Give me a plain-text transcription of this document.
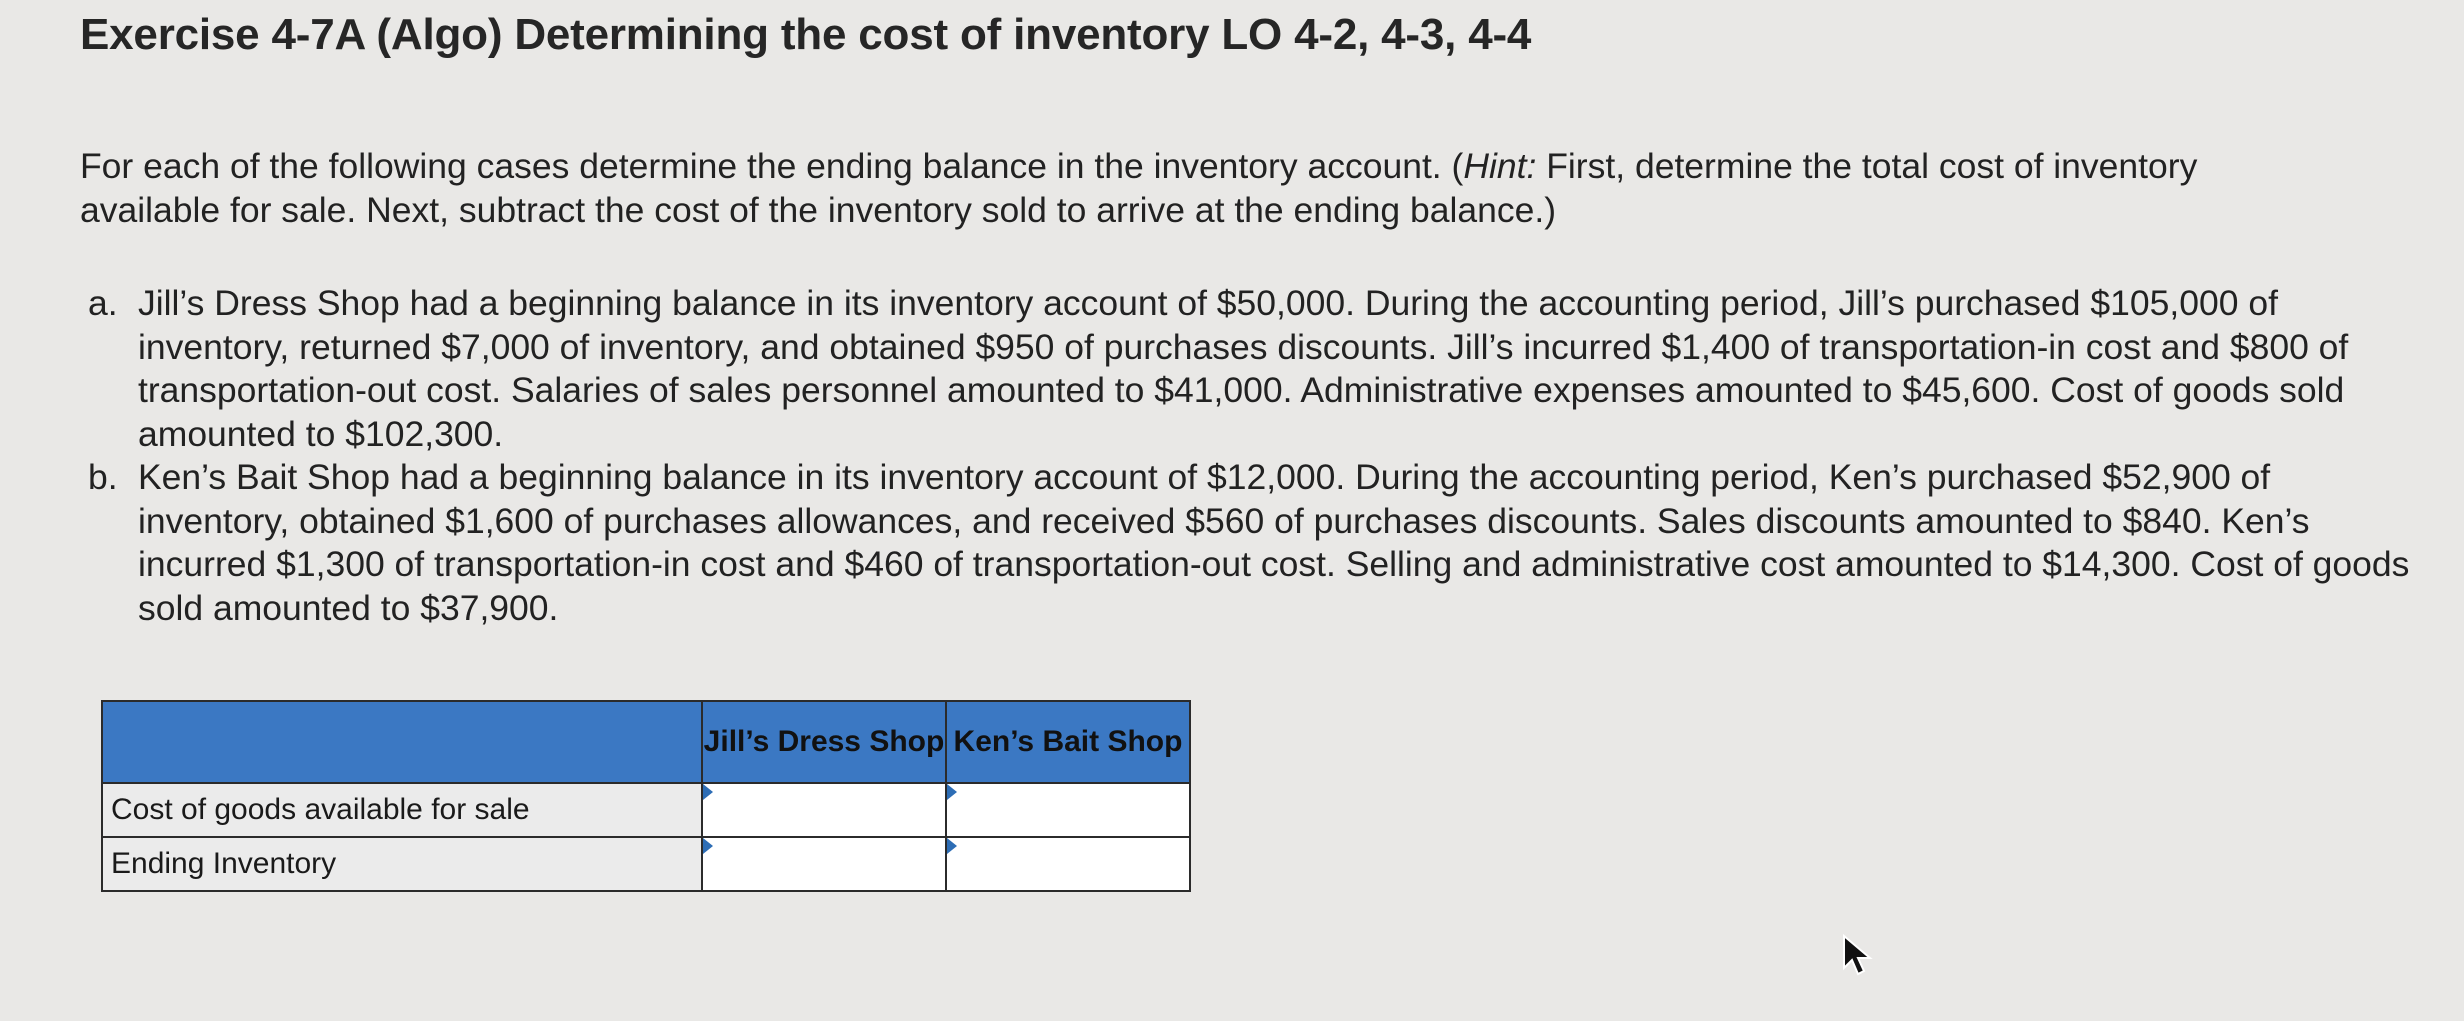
Exercise 4-7A (Algo) Determining the cost of inventory LO 4-2, 4-3, 4-4
For each of the following cases determine the ending balance in the inventory account. (Hint: First, determine the total cost of inventory available for sale. Next, subtract the cost of the inventory sold to arrive at the ending balance.)
a. Jill’s Dress Shop had a beginning balance in its inventory account of $50,000. During the accounting period, Jill’s purchased $105,000 of inventory, returned $7,000 of inventory, and obtained $950 of purchases discounts. Jill’s incurred $1,400 of transportation-in cost and $800 of transportation-out cost. Salaries of sales personnel amounted to $41,000. Administrative expenses amounted to $45,600. Cost of goods sold amounted to $102,300.
b. Ken’s Bait Shop had a beginning balance in its inventory account of $12,000. During the accounting period, Ken’s purchased $52,900 of inventory, obtained $1,600 of purchases allowances, and received $560 of purchases discounts. Sales discounts amounted to $840. Ken’s incurred $1,300 of transportation-in cost and $460 of transportation-out cost. Selling and administrative cost amounted to $14,300. Cost of goods sold amounted to $37,900.
	Jill’s Dress Shop	Ken’s Bait Shop
Cost of goods available for sale	

Ending Inventory	
